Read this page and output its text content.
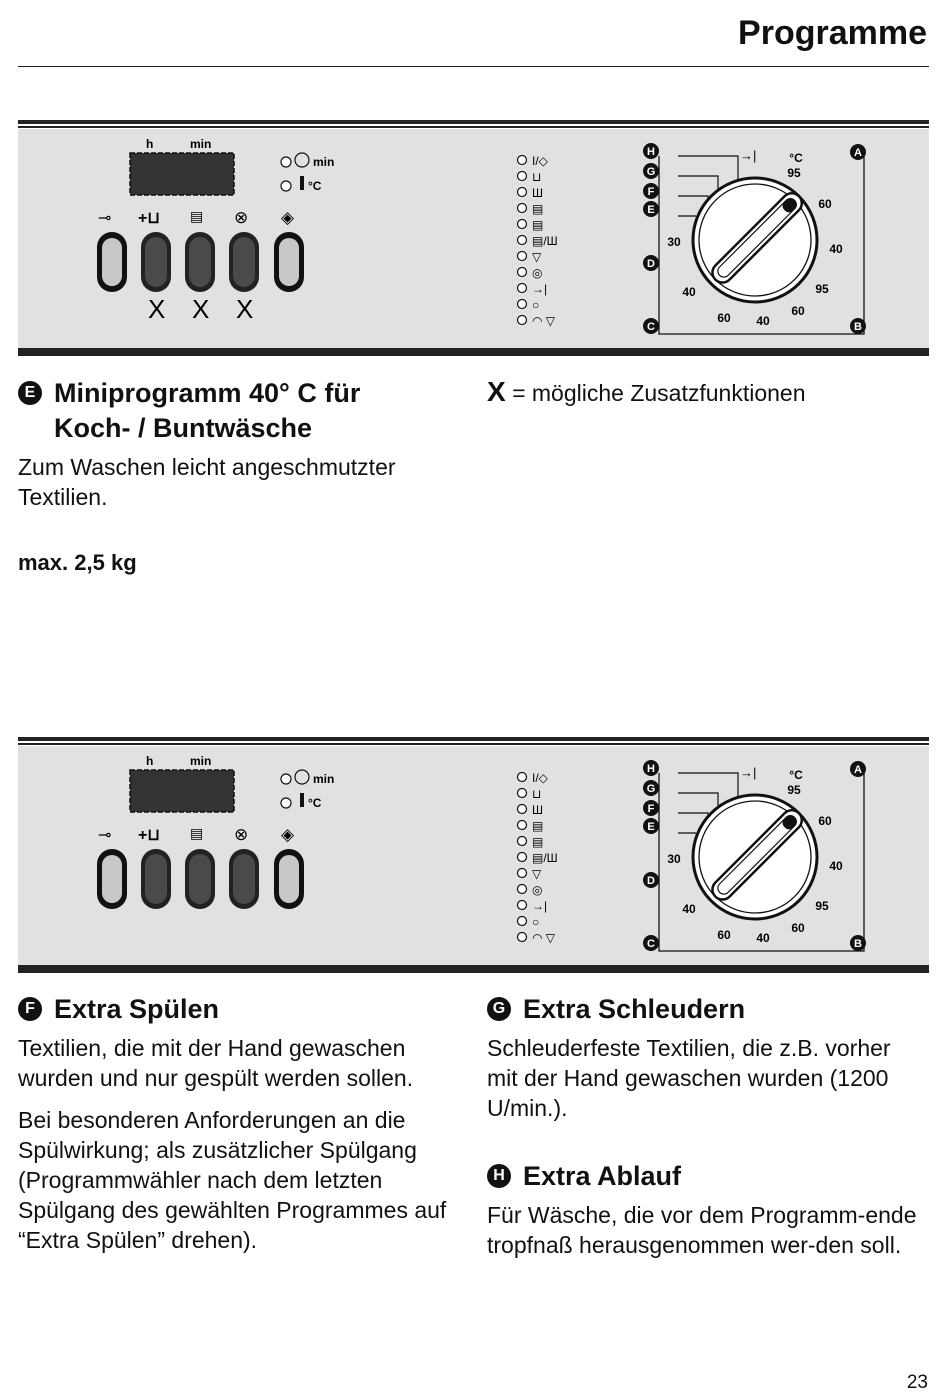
Programme
h	min
min
°C
⊸ +⊔ ▤ ⊗ ◈
X X X
I/◇
⊔
Ш
▤
▤
▤/Ш
▽
◎
→|
○
◠ ▽
→|
H
G
F
E
D
C
A
B
°C
95
60
40
95
60
40
60
40
30
E Miniprogramm 40° C für
Koch- / Buntwäsche

Zum Waschen leicht angeschmutzter Textilien.

max. 2,5 kg

X = mögliche Zusatzfunktionen
h	min
min
°C
⊸ +⊔ ▤ ⊗ ◈
I/◇
⊔
Ш
▤
▤
▤/Ш
▽
◎
→|
○
◠ ▽
→|
H
G
F
E
D
C
A
B
°C
95
60
40
95
60
40
60
40
30
F Extra Spülen

Textilien, die mit der Hand gewaschen wurden und nur gespült werden sollen.

Bei besonderen Anforderungen an die Spülwirkung; als zusätzlicher Spülgang (Programmwähler nach dem letzten Spülgang des gewählten Programmes auf “Extra Spülen” drehen).

G Extra Schleudern

Schleuderfeste Textilien, die z.B. vorher mit der Hand gewaschen wurden (1200 U/min.).

H Extra Ablauf

Für Wäsche, die vor dem Programm-ende tropfnaß herausgenommen wer-den soll.

23
